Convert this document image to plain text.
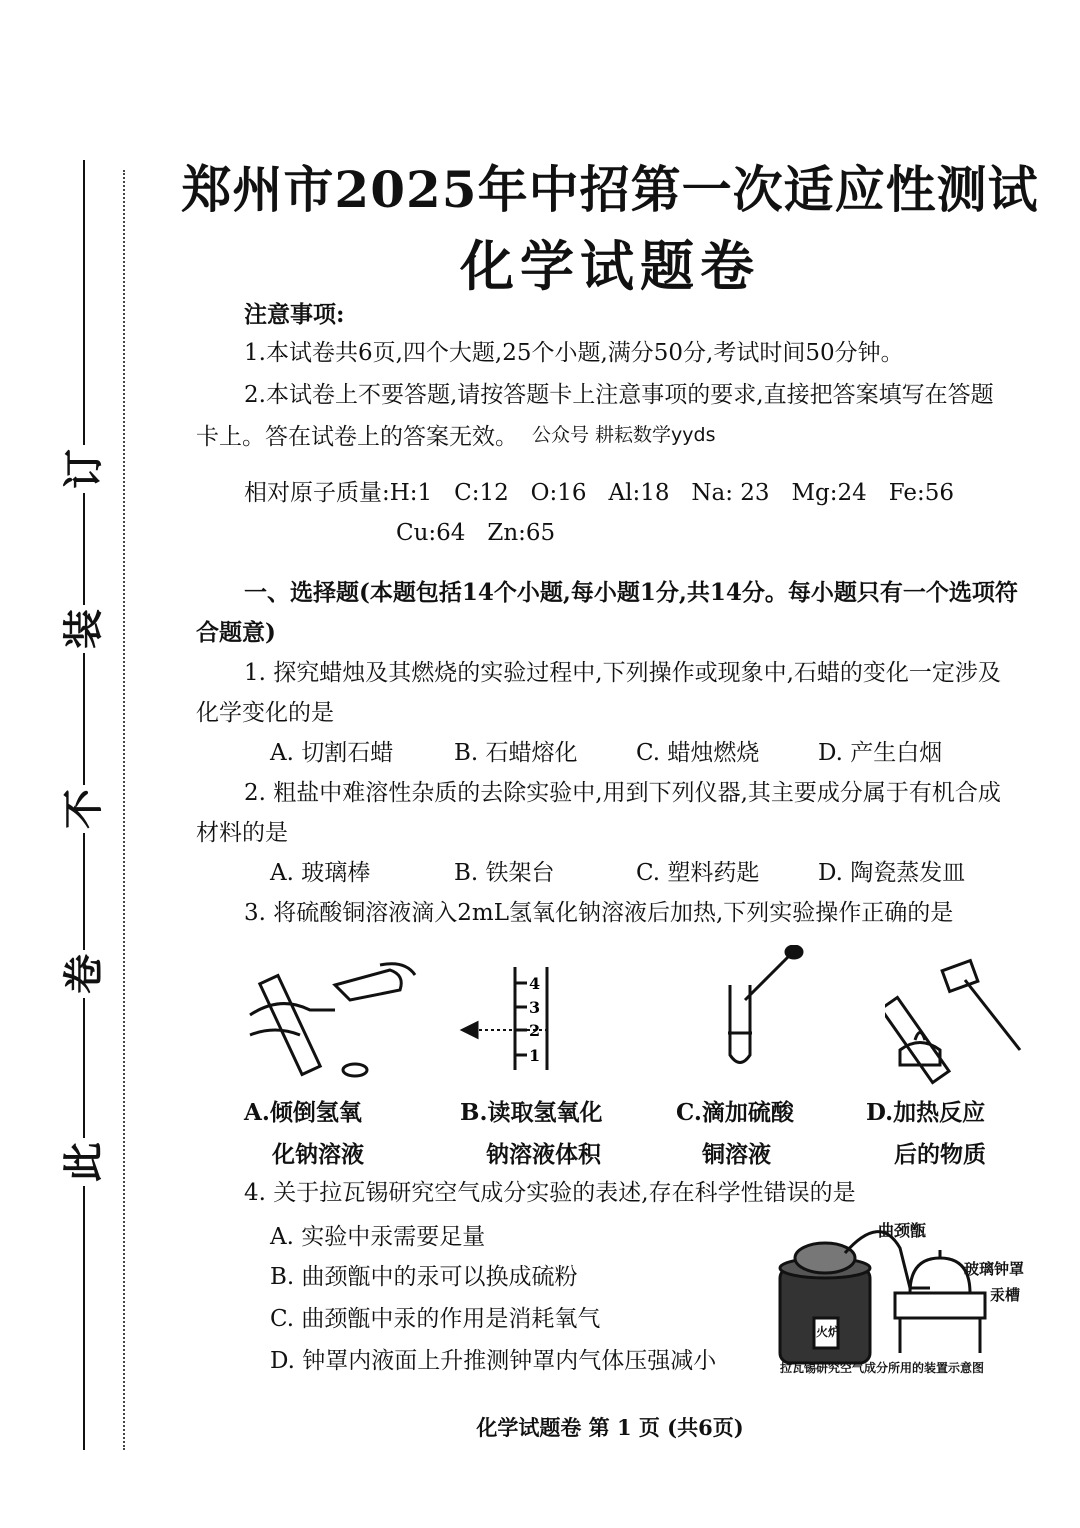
订
装
不
卷
此
郑州市2025年中招第一次适应性测试
化学试题卷
注意事项:
1.本试卷共6页,四个大题,25个小题,满分50分,考试时间50分钟。
2.本试卷上不要答题,请按答题卡上注意事项的要求,直接把答案填写在答题
卡上。答在试卷上的答案无效。 公众号 耕耘数学yyds
相对原子质量:H:1   C:12   O:16   Al:18   Na: 23   Mg:24   Fe:56
Cu:64   Zn:65
一、选择题(本题包括14个小题,每小题1分,共14分。每小题只有一个选项符
合题意)
1. 探究蜡烛及其燃烧的实验过程中,下列操作或现象中,石蜡的变化一定涉及
化学变化的是
A. 切割石蜡	B. 石蜡熔化	C. 蜡烛燃烧	D. 产生白烟
2. 粗盐中难溶性杂质的去除实验中,用到下列仪器,其主要成分属于有机合成
材料的是
A. 玻璃棒	B. 铁架台	C. 塑料药匙	D. 陶瓷蒸发皿
3. 将硫酸铜溶液滴入2mL氢氧化钠溶液后加热,下列实验操作正确的是
4
3
2
1
A.倾倒氢氧
化钠溶液
B.读取氢氧化
钠溶液体积
C.滴加硫酸
铜溶液
D.加热反应
后的物质
4. 关于拉瓦锡研究空气成分实验的表述,存在科学性错误的是
A. 实验中汞需要足量
B. 曲颈甑中的汞可以换成硫粉
C. 曲颈甑中汞的作用是消耗氧气
D. 钟罩内液面上升推测钟罩内气体压强减小
火炉
曲颈甑
玻璃钟罩
汞槽
拉瓦锡研究空气成分所用的装置示意图
化学试题卷 第 1 页 (共6页)
